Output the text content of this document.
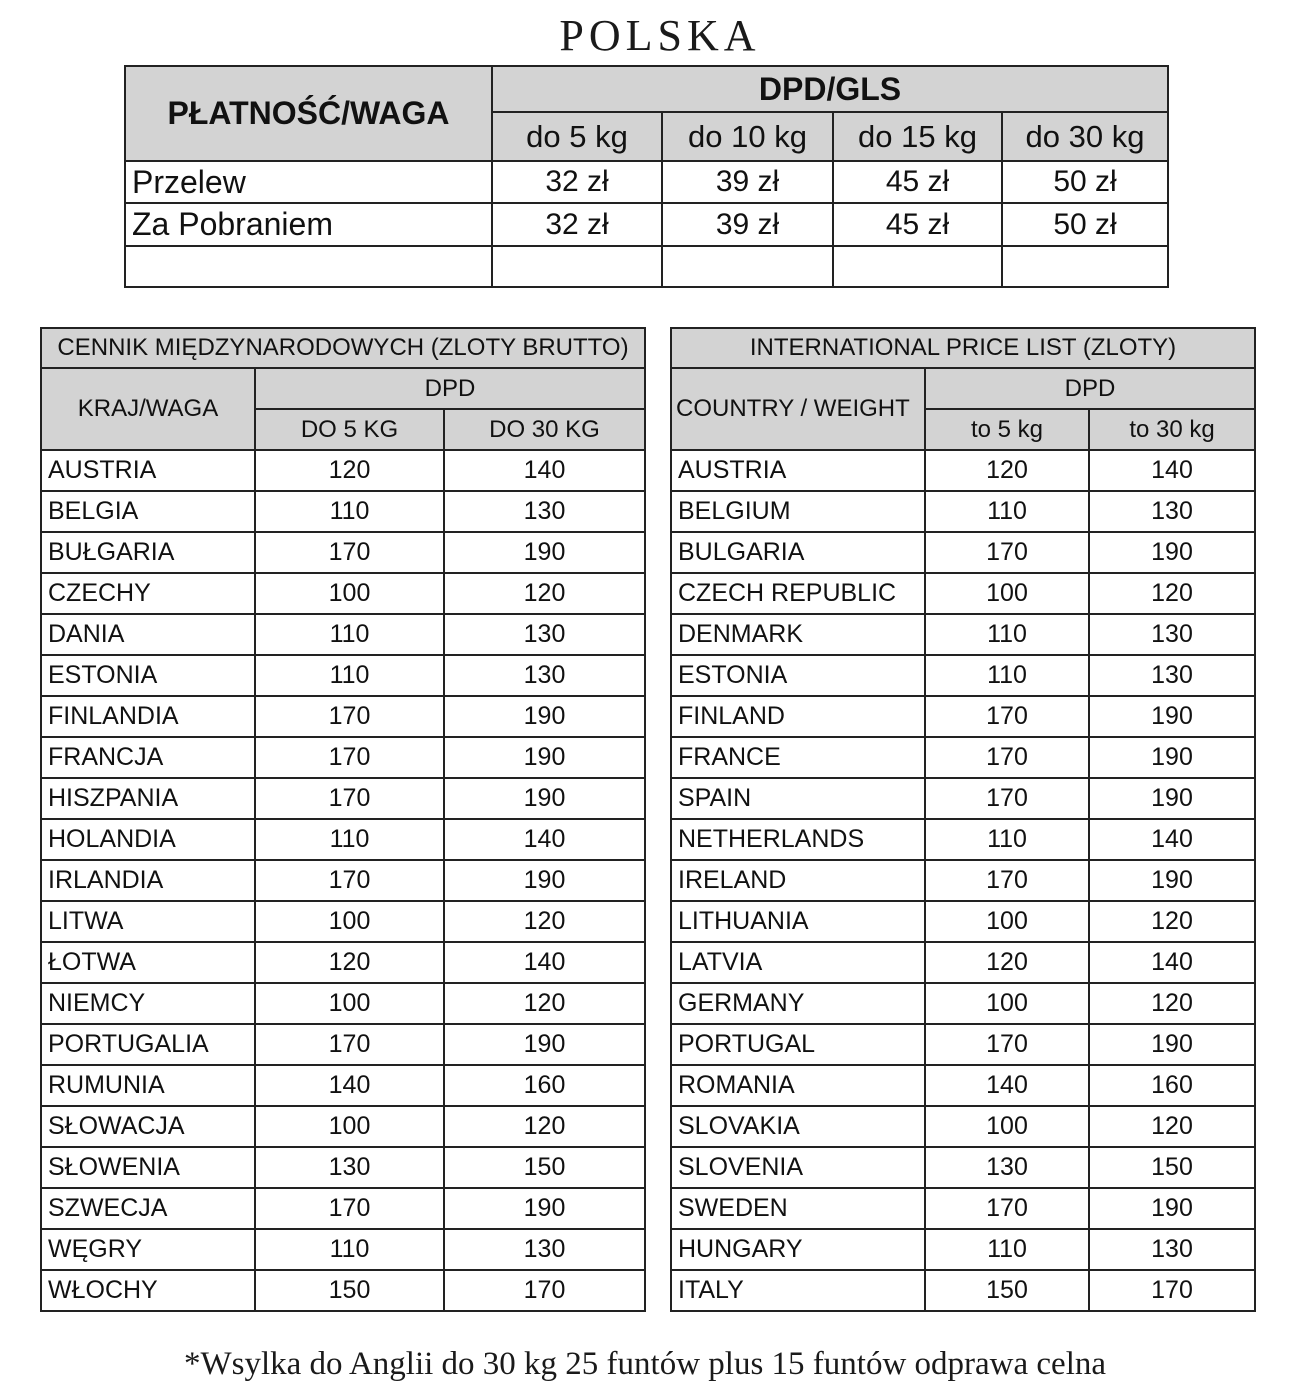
POLSKA
PŁATNOŚĆ/WAGA	DPD/GLS			
	do 5 kg	do 10 kg	do 15 kg	do 30 kg
Przelew	32 zł	39 zł	45 zł	50 zł
Za Pobraniem	32 zł	39 zł	45 zł	50 zł

CENNIK MIĘDZYNARODOWYCH (ZLOTY BRUTTO)		
KRAJ/WAGA	DPD	
	DO 5 KG	DO 30 KG
AUSTRIA	120	140
BELGIA	110	130
BUŁGARIA	170	190
CZECHY	100	120
DANIA	110	130
ESTONIA	110	130
FINLANDIA	170	190
FRANCJA	170	190
HISZPANIA	170	190
HOLANDIA	110	140
IRLANDIA	170	190
LITWA	100	120
ŁOTWA	120	140
NIEMCY	100	120
PORTUGALIA	170	190
RUMUNIA	140	160
SŁOWACJA	100	120
SŁOWENIA	130	150
SZWECJA	170	190
WĘGRY	110	130
WŁOCHY	150	170
INTERNATIONAL PRICE LIST (ZLOTY)		
COUNTRY / WEIGHT	DPD	
	to 5 kg	to 30 kg
AUSTRIA	120	140
BELGIUM	110	130
BULGARIA	170	190
CZECH REPUBLIC	100	120
DENMARK	110	130
ESTONIA	110	130
FINLAND	170	190
FRANCE	170	190
SPAIN	170	190
NETHERLANDS	110	140
IRELAND	170	190
LITHUANIA	100	120
LATVIA	120	140
GERMANY	100	120
PORTUGAL	170	190
ROMANIA	140	160
SLOVAKIA	100	120
SLOVENIA	130	150
SWEDEN	170	190
HUNGARY	110	130
ITALY	150	170
*Wsylka do Anglii do 30 kg 25 funtów plus 15 funtów odprawa celna
